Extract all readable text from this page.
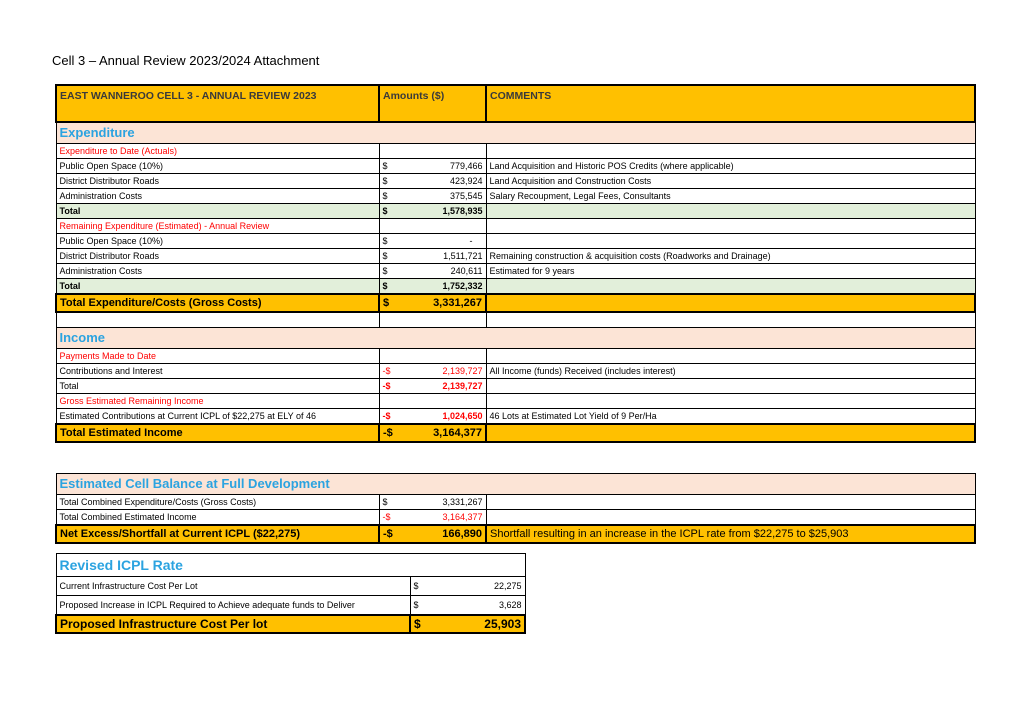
Cell 3 – Annual Review 2023/2024 Attachment
EAST WANNEROO CELL 3 - ANNUAL REVIEW 2023	Amounts ($)	COMMENTS
Expenditure		
Expenditure to Date (Actuals)		
Public Open Space (10%)	$ 779,466	Land Acquisition and Historic POS Credits (where applicable)
District Distributor Roads	$ 423,924	Land Acquisition and Construction Costs
Administration Costs	$ 375,545	Salary Recoupment, Legal Fees, Consultants
Total	$ 1,578,935	

Remaining Expenditure (Estimated) - Annual Review		
Public Open Space (10%)	$ -	

District Distributor Roads	$ 1,511,721	Remaining construction & acquisition costs (Roadworks and Drainage)
Administration Costs	$ 240,611	Estimated for 9 years
Total	$ 1,752,332	

Total Expenditure/Costs (Gross Costs)	$ 3,331,267	

Income		
Payments Made to Date		
Contributions and Interest	-$ 2,139,727	All Income (funds) Received (includes interest)
Total	-$ 2,139,727	

Gross Estimated Remaining Income		
Estimated Contributions at Current ICPL of $22,275 at ELY of 46	-$ 1,024,650	46 Lots at Estimated Lot Yield of 9 Per/Ha
Total Estimated Income	-$ 3,164,377	

Estimated Cell Balance at Full Development		
Total Combined Expenditure/Costs (Gross Costs)	$ 3,331,267	

Total Combined Estimated Income	-$ 3,164,377	

Net Excess/Shortfall at Current ICPL ($22,275)	-$ 166,890	Shortfall resulting in an increase in the ICPL rate from $22,275 to $25,903
Revised ICPL Rate	
Current Infrastructure Cost Per Lot	$ 22,275

Proposed Increase in ICPL Required to Achieve adequate funds to Deliver	$ 3,628

Proposed Infrastructure Cost Per lot	$ 25,903
